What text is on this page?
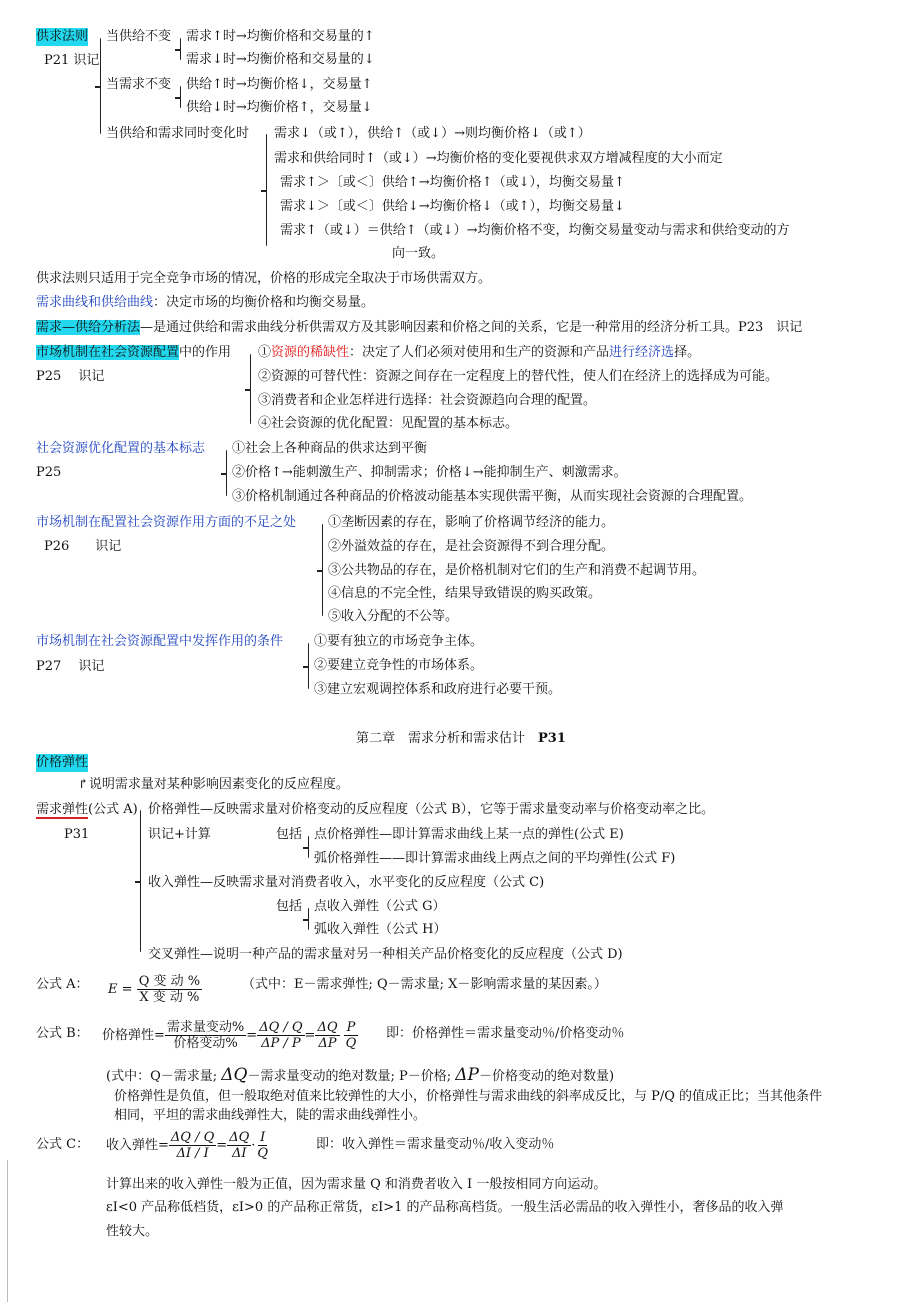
供求法则
P21 识记
当供给不变 需求↑时→均衡价格和交易量的↑
需求↓时→均衡价格和交易量的↓
当需求不变 供给↑时→均衡价格↓，交易量↑
供给↓时→均衡价格↑，交易量↓
当供给和需求同时变化时 需求↓（或↑），供给↑（或↓）→则均衡价格↓（或↑）
需求和供给同时↑（或↓）→均衡价格的变化要视供求双方增减程度的大小而定
需求↑＞〔或＜〕供给↑→均衡价格↑（或↓），均衡交易量↑
需求↓＞〔或＜〕供给↓→均衡价格↓（或↑），均衡交易量↓
需求↑（或↓）＝供给↑（或↓）→均衡价格不变，均衡交易量变动与需求和供给变动的方
向一致。
供求法则只适用于完全竞争市场的情况，价格的形成完全取决于市场供需双方。
需求曲线和供给曲线：决定市场的均衡价格和均衡交易量。
需求—供给分析法—是通过供给和需求曲线分析供需双方及其影响因素和价格之间的关系，它是一种常用的经济分析工具。P23　识记
市场机制在社会资源配置中的作用
P25　 识记
①资源的稀缺性：决定了人们必须对使用和生产的资源和产品进行经济选择。
②资源的可替代性：资源之间存在一定程度上的替代性，使人们在经济上的选择成为可能。
③消费者和企业怎样进行选择：社会资源趋向合理的配置。
④社会资源的优化配置：见配置的基本标志。
社会资源优化配置的基本标志
P25
①社会上各种商品的供求达到平衡
②价格↑→能刺激生产、抑制需求；价格↓→能抑制生产、刺激需求。
③价格机制通过各种商品的价格波动能基本实现供需平衡，从而实现社会资源的合理配置。
市场机制在配置社会资源作用方面的不足之处
P26　　识记
①垄断因素的存在，影响了价格调节经济的能力。
②外溢效益的存在，是社会资源得不到合理分配。
③公共物品的存在，是价格机制对它们的生产和消费不起调节用。
④信息的不完全性，结果导致错误的购买政策。
⑤收入分配的不公等。
市场机制在社会资源配置中发挥作用的条件
P27　 识记
①要有独立的市场竞争主体。
②要建立竞争性的市场体系。
③建立宏观调控体系和政府进行必要干预。
第二章　需求分析和需求估计　 P31
价格弹性
↱说明需求量对某种影响因素变化的反应程度。
需求弹性(公式 A)
P31
价格弹性—反映需求量对价格变动的反应程度（公式 B），它等于需求量变动率与价格变动率之比。
识记+计算	包括 点价格弹性—即计算需求曲线上某一点的弹性(公式 E)
弧价格弹性——即计算需求曲线上两点之间的平均弹性(公式 F)
收入弹性—反映需求量对消费者收入，水平变化的反应程度（公式 C)
包括 点收入弹性（公式 G）
弧收入弹性（公式 H）
交叉弹性—说明一种产品的需求量对另一种相关产品价格变化的反应程度（公式 D)
公式 A： $E = \frac{\text{Q 变 动 \%}}{\text{X 变 动 \%}}$	（式中：E－需求弹性; Q－需求量; X－影响需求量的某因素。）
公式 B： 价格弹性= $\frac{\text{需求量变动\%}}{\text{价格变动\%}} = \frac{\Delta Q / Q}{\Delta P / P} = \frac{\Delta Q}{\Delta P}$
$\frac{P}{Q}$ 即：价格弹性＝需求量变动％/价格变动％
(式中：Q－需求量; ΔQ－需求量变动的绝对数量; P－价格; ΔP－价格变动的绝对数量)
价格弹性是负值，但一般取绝对值来比较弹性的大小，价格弹性与需求曲线的斜率成反比，与 P/Q 的值成正比；当其他条件
相同，平坦的需求曲线弹性大，陡的需求曲线弹性小。
公式 C： 收入弹性= $\frac{\Delta Q / Q}{\Delta I / I} = \frac{\Delta Q}{\Delta I} \cdot \frac{I}{Q}$	即：收入弹性＝需求量变动％/收入变动％
计算出来的收入弹性一般为正值，因为需求量 Q 和消费者收入 I 一般按相同方向运动。
εI<0 产品称低档货，εI>0 的产品称正常货，εI>1 的产品称高档货。一般生活必需品的收入弹性小，奢侈品的收入弹
性较大。
